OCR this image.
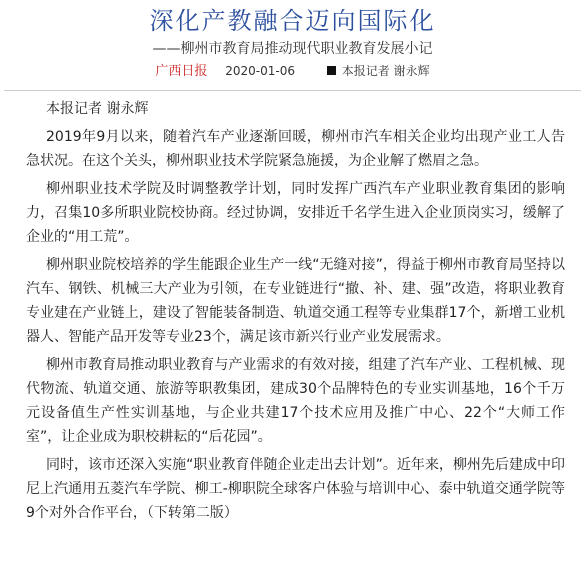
深化产教融合迈向国际化
——柳州市教育局推动现代职业教育发展小记
广西日报 2020-01-06	本报记者 谢永辉

本报记者 谢永辉

2019年9月以来，随着汽车产业逐渐回暖，柳州市汽车相关企业均出现产业工人告急状况。在这个关头，柳州职业技术学院紧急施援，为企业解了燃眉之急。

柳州职业技术学院及时调整教学计划，同时发挥广西汽车产业职业教育集团的影响力，召集10多所职业院校协商。经过协调，安排近千名学生进入企业顶岗实习，缓解了企业的“用工荒”。

柳州职业院校培养的学生能跟企业生产一线“无缝对接”，得益于柳州市教育局坚持以汽车、钢铁、机械三大产业为引领，在专业链进行“撤、补、建、强”改造，将职业教育专业建在产业链上，建设了智能装备制造、轨道交通工程等专业集群17个，新增工业机器人、智能产品开发等专业23个，满足该市新兴行业产业发展需求。

柳州市教育局推动职业教育与产业需求的有效对接，组建了汽车产业、工程机械、现代物流、轨道交通、旅游等职教集团，建成30个品牌特色的专业实训基地，16个千万元设备值生产性实训基地，与企业共建17个技术应用及推广中心、22个“大师工作室”，让企业成为职校耕耘的“后花园”。

同时，该市还深入实施“职业教育伴随企业走出去计划”。近年来，柳州先后建成中印尼上汽通用五菱汽车学院、柳工-柳职院全球客户体验与培训中心、泰中轨道交通学院等9个对外合作平台，（下转第二版）
